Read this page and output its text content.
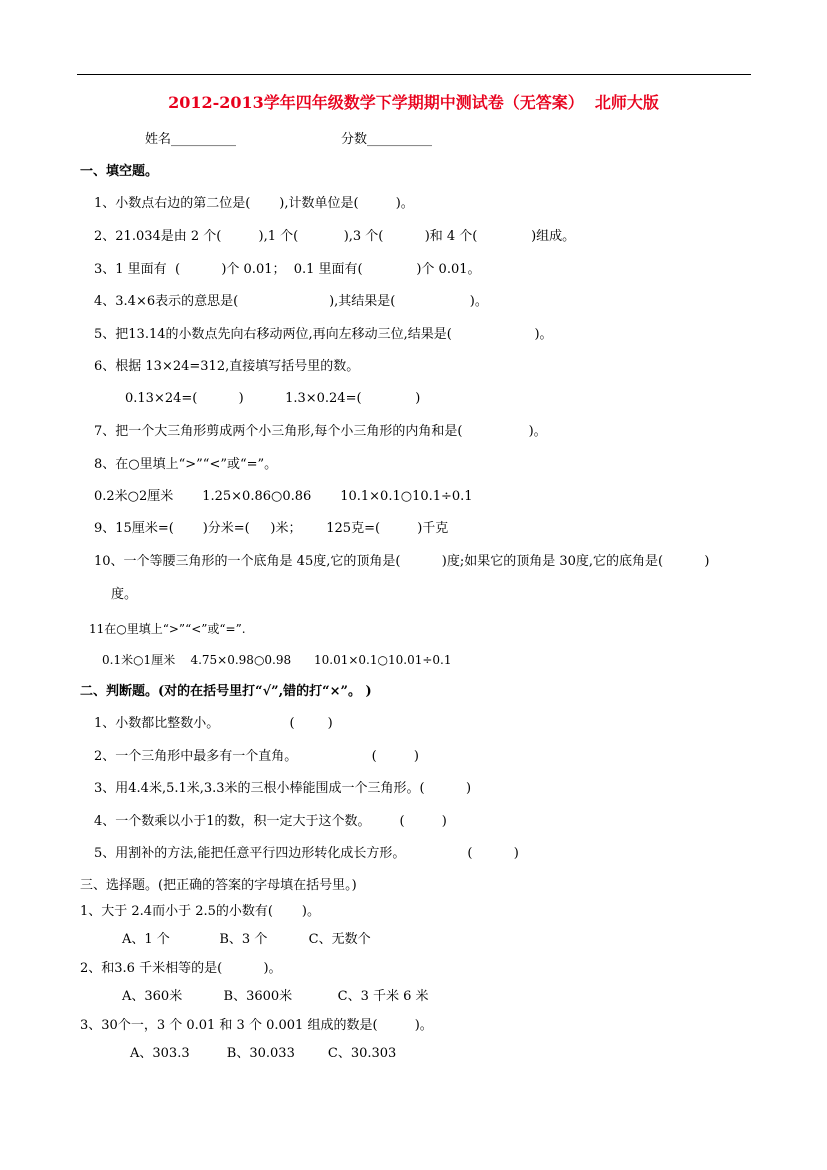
2012-2013学年四年级数学下学期期中测试卷（无答案）  北师大版
姓名__________	分数__________
一、填空题。
1、小数点右边的第二位是(       ),计数单位是(         )。
2、21.034是由 2 个(         ),1 个(           ),3 个(          )和 4 个(             )组成。
3、1 里面有  (          )个 0.01；  0.1 里面有(             )个 0.01。
4、3.4×6表示的意思是(                      ),其结果是(                  )。
5、把13.14的小数点先向右移动两位,再向左移动三位,结果是(                    )。
6、根据 13×24=312,直接填写括号里的数。
0.13×24=(          )          1.3×0.24=(             )
7、把一个大三角形剪成两个小三角形,每个小三角形的内角和是(                )。
8、在○里填上“>”“<”或“=”。
0.2米○2厘米       1.25×0.86○0.86       10.1×0.1○10.1÷0.1
9、15厘米=(       )分米=(     )米；      125克=(         )千克
10、一个等腰三角形的一个底角是 45度,它的顶角是(          )度;如果它的顶角是 30度,它的底角是(          )
度。
11在○里填上“>”“<”或“=”.
0.1米○1厘米    4.75×0.98○0.98      10.01×0.1○10.01÷0.1
二、判断题。(对的在括号里打“√”,错的打“×”。 )
1、小数都比整数小。                 (        )
2、一个三角形中最多有一个直角。                  (         )
3、用4.4米,5.1米,3.3米的三根小棒能围成一个三角形。(          )
4、一个数乘以小于1的数，积一定大于这个数。       (         )
5、用割补的方法,能把任意平行四边形转化成长方形。               (          )
三、选择题。(把正确的答案的字母填在括号里。)
1、大于 2.4而小于 2.5的小数有(       )。
A、1 个            B、3 个          C、无数个
2、和3.6 千米相等的是(          )。
A、360米          B、3600米           C、3 千米 6 米
3、30个一，3 个 0.01 和 3 个 0.001 组成的数是(         )。
A、303.3         B、30.033        C、30.303
